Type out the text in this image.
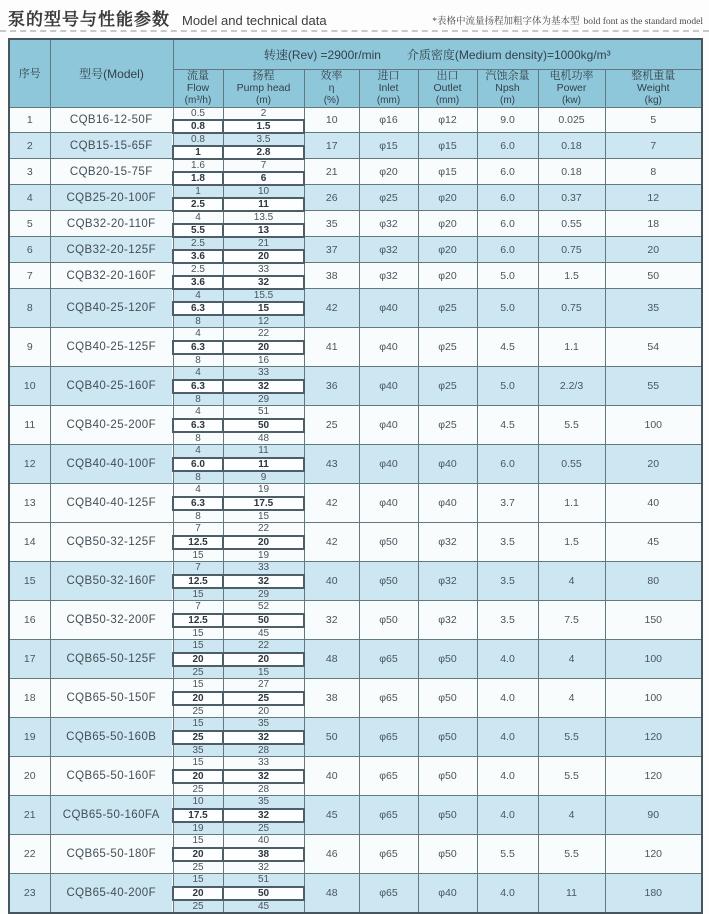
泵的型号与性能参数 Model and technical data	*表格中流量扬程加粗字体为基本型 bold font as the standard model
序号	型号(Model)	转速(Rev) =2900r/min 介质密度(Medium density)=1000kg/m³							

		流量
Flow
(m³/h)	扬程
Pump head
(m)	效率
η
(%)	进口
Inlet
(mm)	出口
Outlet
(mm)	汽蚀余量
Npsh
(m)	电机功率
Power
(kw)	整机重量
Weight
(kg)

1	CQB16-12-50F	0.5	2	10	φ16	φ12	9.0	0.025	5
		0.8	1.5						
2	CQB15-15-65F	0.8	3.5	17	φ15	φ15	6.0	0.18	7
		1	2.8						
3	CQB20-15-75F	1.6	7	21	φ20	φ15	6.0	0.18	8
		1.8	6						
4	CQB25-20-100F	1	10	26	φ25	φ20	6.0	0.37	12
		2.5	11						
5	CQB32-20-110F	4	13.5	35	φ32	φ20	6.0	0.55	18
		5.5	13						
6	CQB32-20-125F	2.5	21	37	φ32	φ20	6.0	0.75	20
		3.6	20						
7	CQB32-20-160F	2.5	33	38	φ32	φ20	5.0	1.5	50
		3.6	32						
8	CQB40-25-120F	4	15.5	42	φ40	φ25	5.0	0.75	35
		6.3	15						
		8	12						
9	CQB40-25-125F	4	22	41	φ40	φ25	4.5	1.1	54
		6.3	20						
		8	16						
10	CQB40-25-160F	4	33	36	φ40	φ25	5.0	2.2/3	55
		6.3	32						
		8	29						
11	CQB40-25-200F	4	51	25	φ40	φ25	4.5	5.5	100
		6.3	50						
		8	48						
12	CQB40-40-100F	4	11	43	φ40	φ40	6.0	0.55	20
		6.0	11						
		8	9						
13	CQB40-40-125F	4	19	42	φ40	φ40	3.7	1.1	40
		6.3	17.5						
		8	15						
14	CQB50-32-125F	7	22	42	φ50	φ32	3.5	1.5	45
		12.5	20						
		15	19						
15	CQB50-32-160F	7	33	40	φ50	φ32	3.5	4	80
		12.5	32						
		15	29						
16	CQB50-32-200F	7	52	32	φ50	φ32	3.5	7.5	150
		12.5	50						
		15	45						
17	CQB65-50-125F	15	22	48	φ65	φ50	4.0	4	100
		20	20						
		25	15						
18	CQB65-50-150F	15	27	38	φ65	φ50	4.0	4	100
		20	25						
		25	20						
19	CQB65-50-160B	15	35	50	φ65	φ50	4.0	5.5	120
		25	32						
		35	28						
20	CQB65-50-160F	15	33	40	φ65	φ50	4.0	5.5	120
		20	32						
		25	28						
21	CQB65-50-160FA	10	35	45	φ65	φ50	4.0	4	90
		17.5	32						
		19	25						
22	CQB65-50-180F	15	40	46	φ65	φ50	5.5	5.5	120
		20	38						
		25	32						
23	CQB65-40-200F	15	51	48	φ65	φ40	4.0	11	180
		20	50						
		25	45						
